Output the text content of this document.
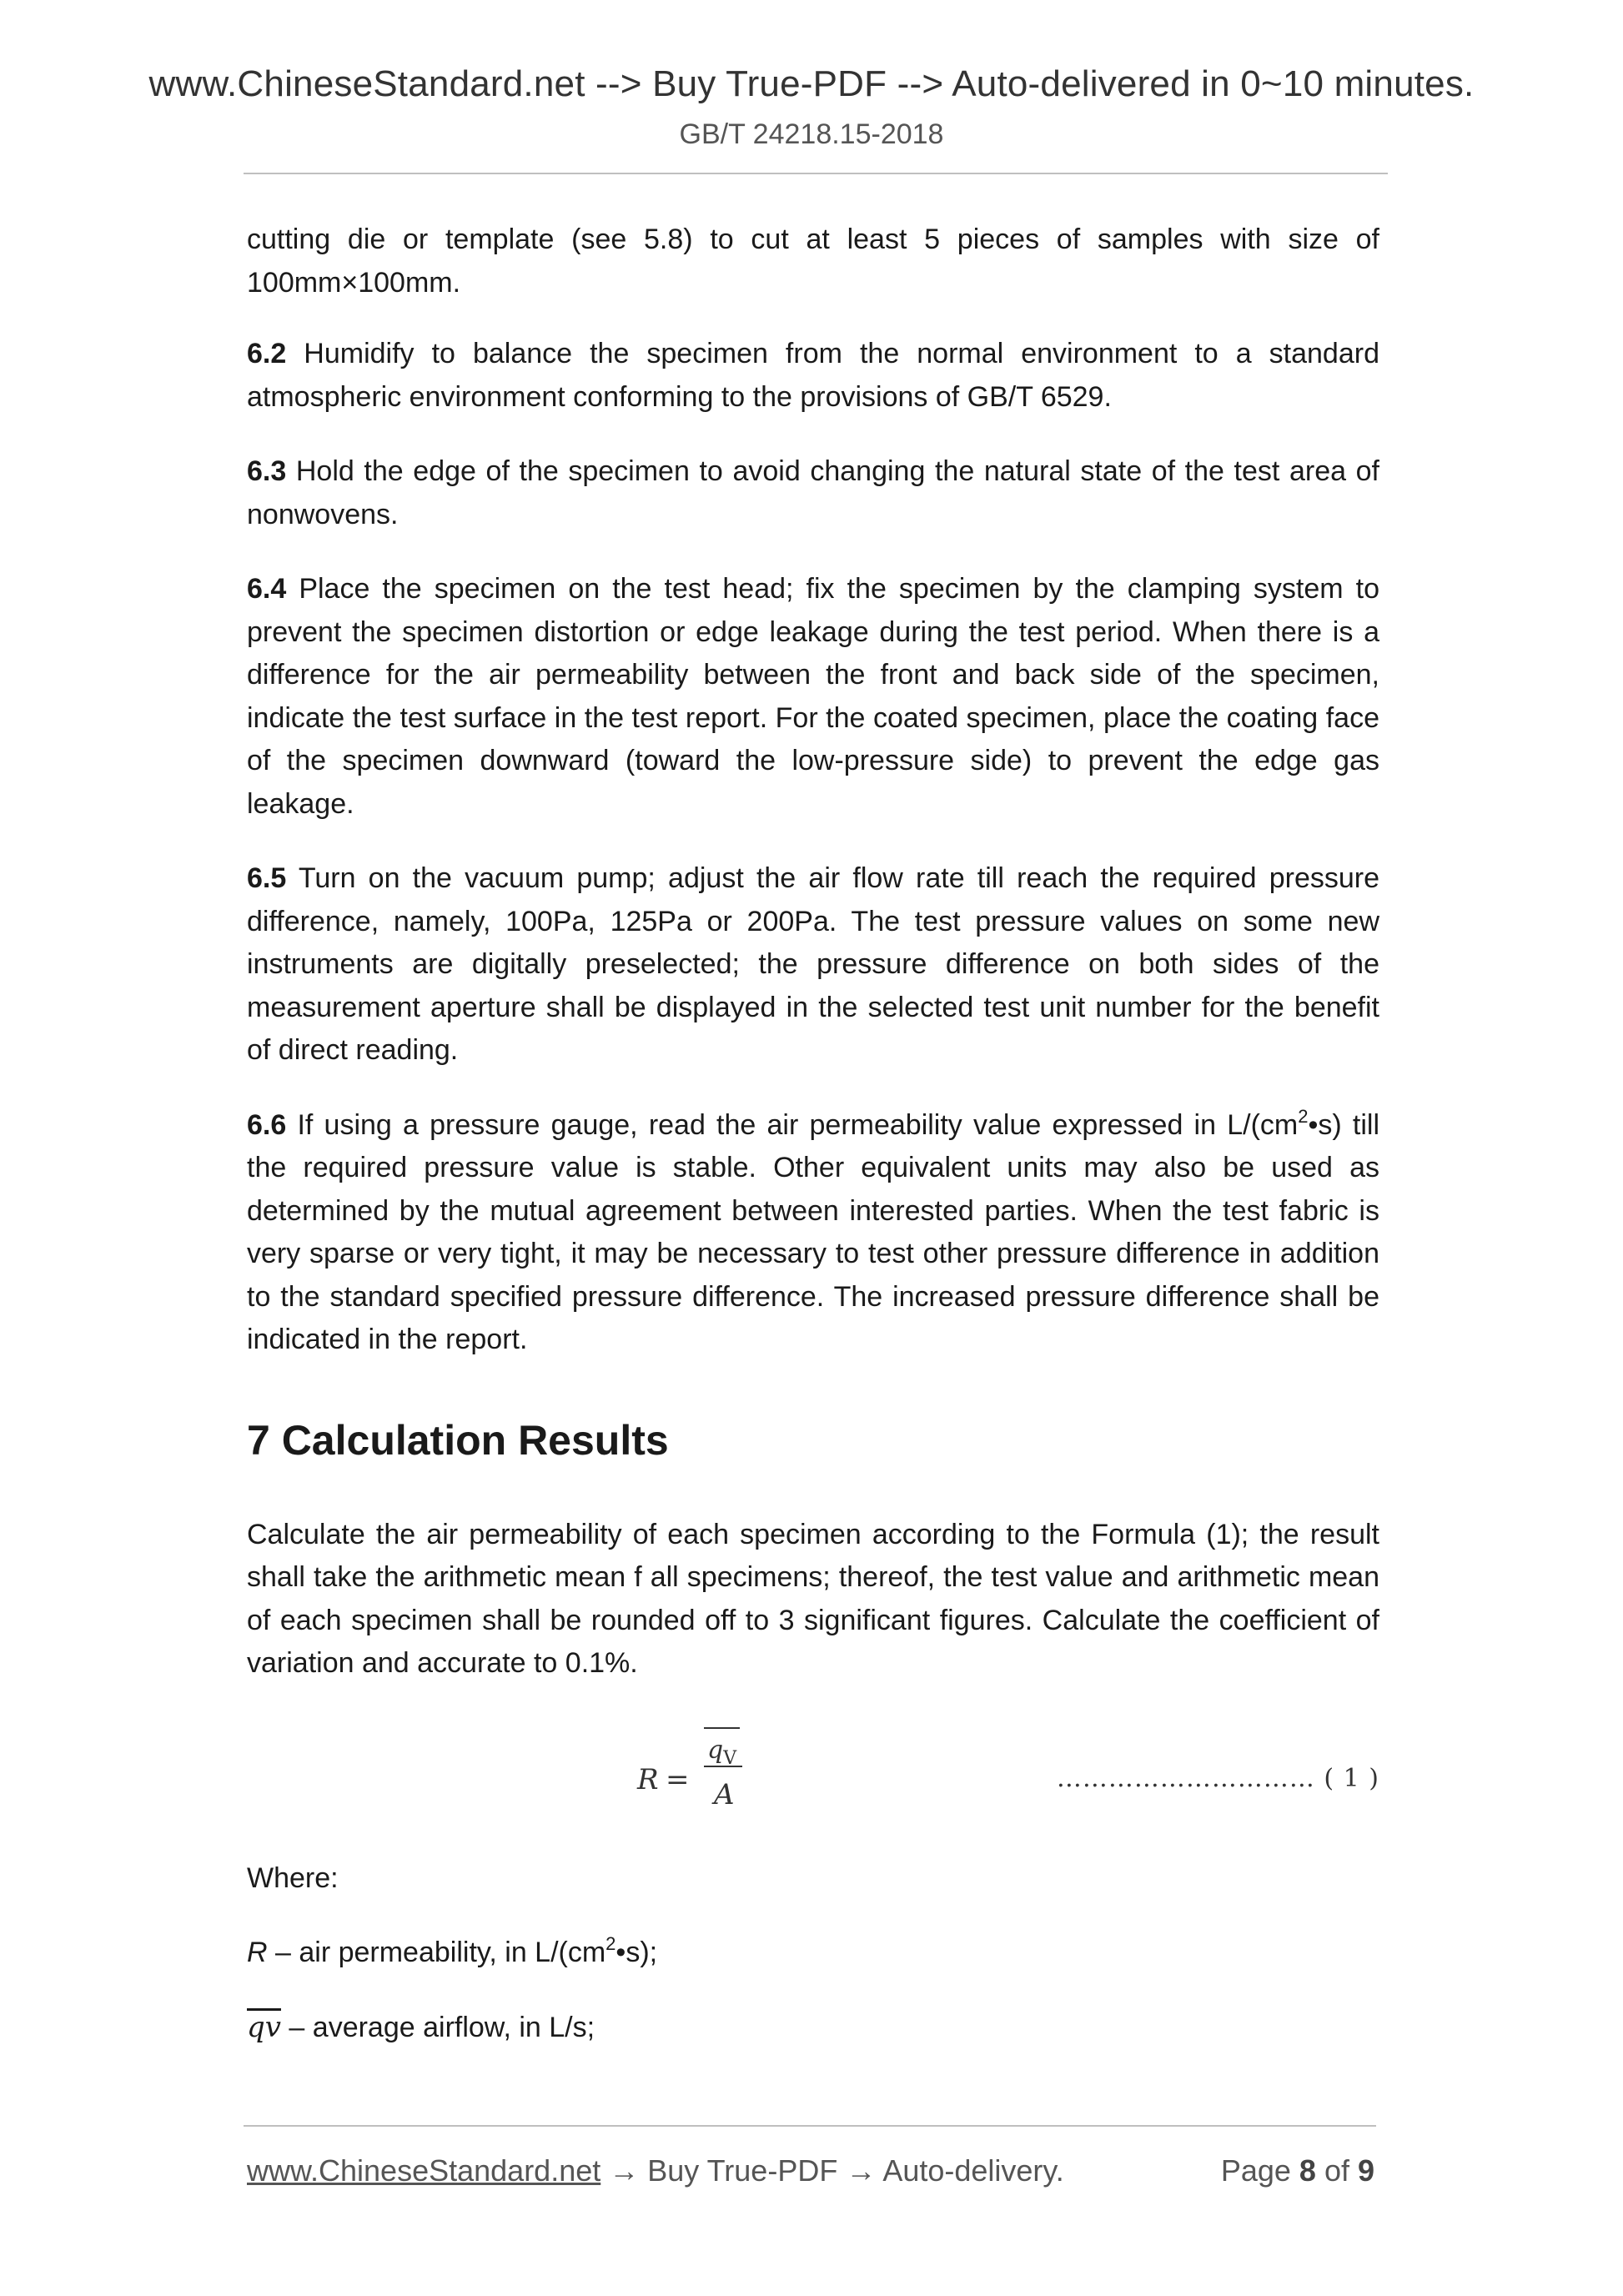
www.ChineseStandard.net --> Buy True-PDF --> Auto-delivered in 0~10 minutes.
GB/T 24218.15-2018

cutting die or template (see 5.8) to cut at least 5 pieces of samples with size of 100mm×100mm.

6.2 Humidify to balance the specimen from the normal environment to a standard atmospheric environment conforming to the provisions of GB/T 6529.

6.3 Hold the edge of the specimen to avoid changing the natural state of the test area of nonwovens.

6.4 Place the specimen on the test head; fix the specimen by the clamping system to prevent the specimen distortion or edge leakage during the test period. When there is a difference for the air permeability between the front and back side of the specimen, indicate the test surface in the test report. For the coated specimen, place the coating face of the specimen downward (toward the low-pressure side) to prevent the edge gas leakage.

6.5 Turn on the vacuum pump; adjust the air flow rate till reach the required pressure difference, namely, 100Pa, 125Pa or 200Pa. The test pressure values on some new instruments are digitally preselected; the pressure difference on both sides of the measurement aperture shall be displayed in the selected test unit number for the benefit of direct reading.

6.6 If using a pressure gauge, read the air permeability value expressed in $L/(cm^2•s)$ till the required pressure value is stable. Other equivalent units may also be used as determined by the mutual agreement between interested parties. When the test fabric is very sparse or very tight, it may be necessary to test other pressure difference in addition to the standard specified pressure difference. The increased pressure difference shall be indicated in the report.

7 Calculation Results

Calculate the air permeability of each specimen according to the Formula (1); the result shall take the arithmetic mean f all specimens; thereof, the test value and arithmetic mean of each specimen shall be rounded off to 3 significant figures. Calculate the coefficient of variation and accurate to 0.1%.

R =
$q_V$
A	………………………… ( 1 )

Where:

R – air permeability, in $L/(cm^2•s)$;

$\overline{qv}$ – average airflow, in L/s;

www.ChineseStandard.net → Buy True-PDF → Auto-delivery.	Page 8 of 9
